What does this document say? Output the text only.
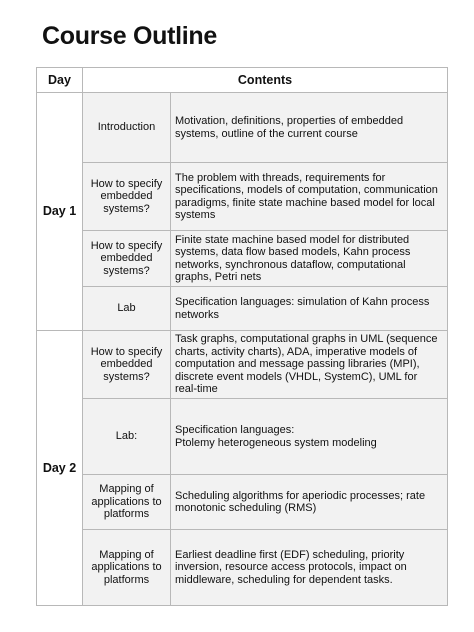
Course Outline
Day	Contents	
Day 1	Introduction	Motivation, definitions, properties of embedded systems, outline of the current course
	How to specify embedded systems?	The problem with threads, requirements for specifications, models of computation, communication paradigms, finite state machine based model for local systems
	How to specify embedded systems?	Finite state machine based model for distributed systems, data flow based models, Kahn process networks, synchronous dataflow, computational graphs, Petri nets
	Lab	Specification languages: simulation of Kahn process networks
Day 2	How to specify embedded systems?	Task graphs, computational graphs in UML (sequence charts, activity charts), ADA, imperative models of computation and message passing libraries (MPI), discrete event models (VHDL, SystemC), UML for real-time
	Lab:	Specification languages:
Ptolemy heterogeneous system modeling

	Mapping of applications to platforms	Scheduling algorithms for aperiodic processes; rate monotonic scheduling (RMS)
	Mapping of applications to platforms	Earliest deadline first (EDF) scheduling, priority inversion, resource access protocols, impact on middleware, scheduling for dependent tasks.
